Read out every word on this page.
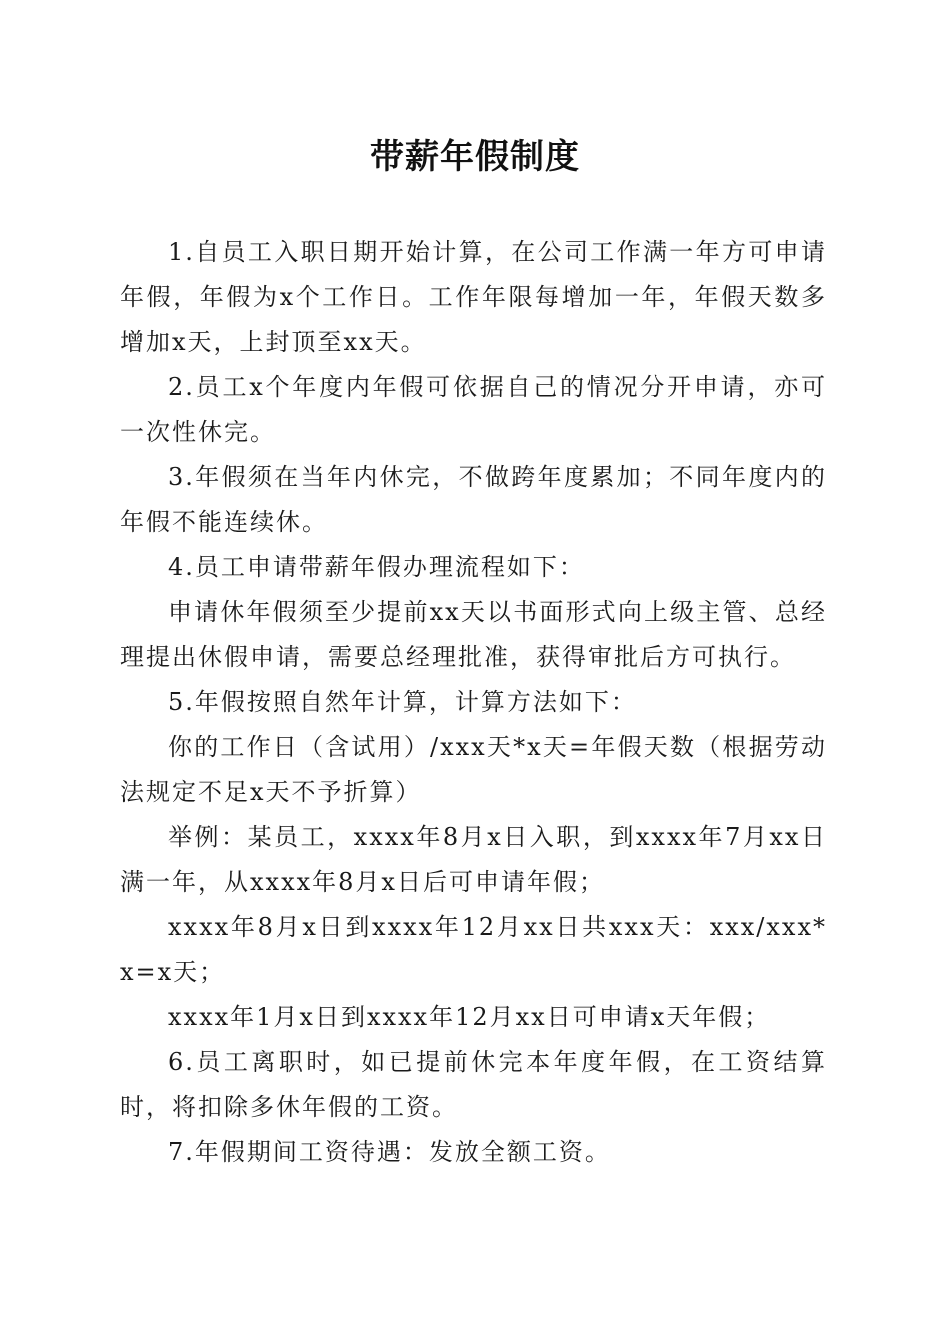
带薪年假制度

1.自员工入职日期开始计算，在公司工作满一年方可申请年假，年假为x个工作日。工作年限每增加一年，年假天数多增加x天，上封顶至xx天。

2.员工x个年度内年假可依据自己的情况分开申请，亦可一次性休完。

3.年假须在当年内休完，不做跨年度累加；不同年度内的年假不能连续休。

4.员工申请带薪年假办理流程如下：

申请休年假须至少提前xx天以书面形式向上级主管、总经理提出休假申请，需要总经理批准，获得审批后方可执行。

5.年假按照自然年计算，计算方法如下：

你的工作日（含试用）/xxx天*x天=年假天数（根据劳动法规定不足x天不予折算）

举例：某员工，xxxx年8月x日入职，到xxxx年7月xx日满一年，从xxxx年8月x日后可申请年假；

xxxx年8月x日到xxxx年12月xx日共xxx天：xxx/xxx*x=x天；

xxxx年1月x日到xxxx年12月xx日可申请x天年假；

6.员工离职时，如已提前休完本年度年假，在工资结算时，将扣除多休年假的工资。

7.年假期间工资待遇：发放全额工资。
